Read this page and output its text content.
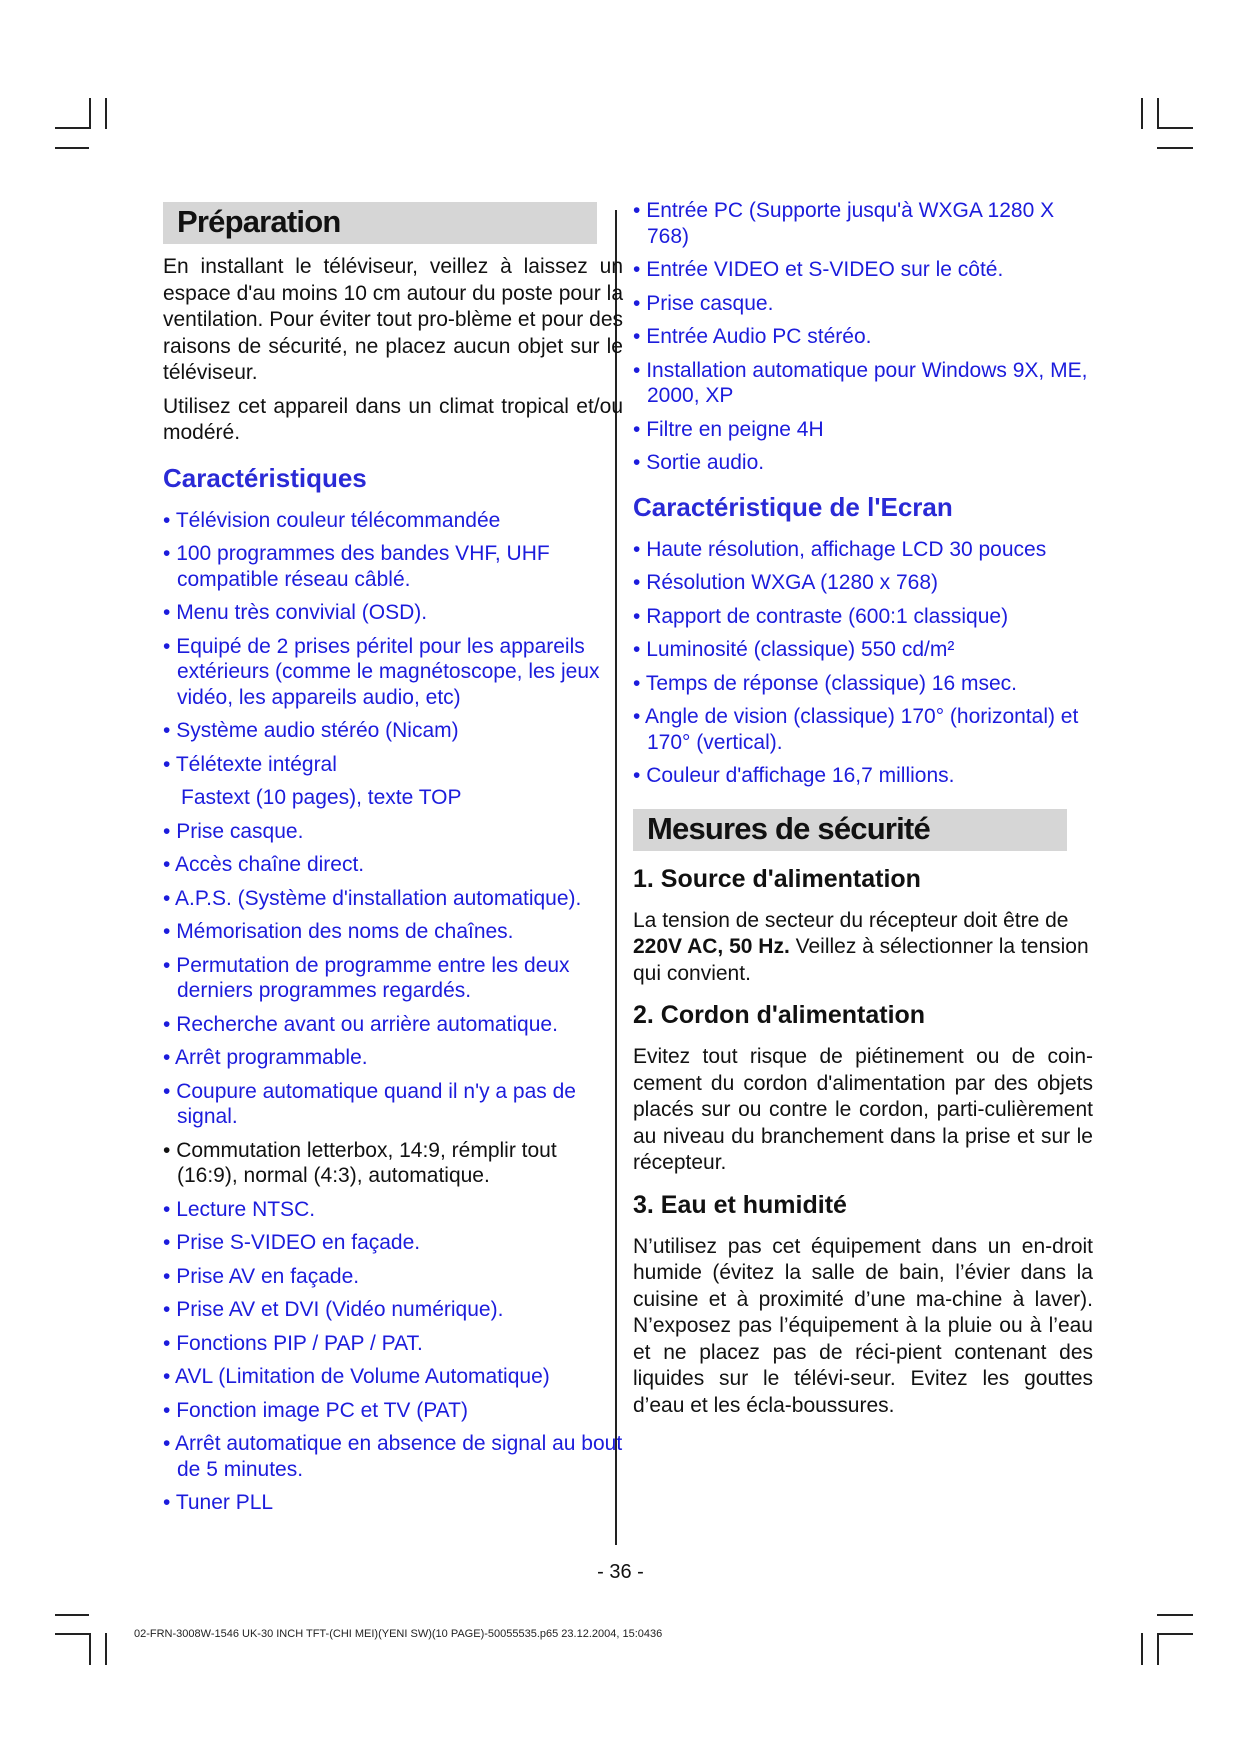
Préparation

En installant le téléviseur, veillez à laissez un espace d'au moins 10 cm autour du poste pour la ventilation. Pour éviter tout pro-blème et pour des raisons de sécurité, ne placez aucun objet sur le téléviseur.

Utilisez cet appareil dans un climat tropical et/ou modéré.

Caractéristiques
• Télévision couleur télécommandée
• 100 programmes des bandes VHF, UHF compatible réseau câblé.
• Menu très convivial (OSD).
• Equipé de 2 prises péritel pour les appareils extérieurs (comme le magnétoscope, les jeux vidéo, les appareils audio, etc)
• Système audio stéréo (Nicam)
• Télétexte intégral
Fastext (10 pages), texte TOP
• Prise casque.
• Accès chaîne direct.
• A.P.S. (Système d'installation automatique).
• Mémorisation des noms de chaînes.
• Permutation de programme entre les deux derniers programmes regardés.
• Recherche avant ou arrière automatique.
• Arrêt programmable.
• Coupure automatique quand il n'y a pas de signal.
• Commutation letterbox, 14:9, rémplir tout (16:9), normal (4:3), automatique.
• Lecture NTSC.
• Prise S-VIDEO en façade.
• Prise AV en façade.
• Prise AV et DVI (Vidéo numérique).
• Fonctions PIP / PAP / PAT.
• AVL (Limitation de Volume Automatique)
• Fonction image PC et TV (PAT)
• Arrêt automatique en absence de signal au bout de 5 minutes.
• Tuner PLL
• Entrée PC (Supporte jusqu'à WXGA 1280 X 768)
• Entrée VIDEO et S-VIDEO sur le côté.
• Prise casque.
• Entrée Audio PC stéréo.
• Installation automatique pour Windows 9X, ME, 2000, XP
• Filtre en peigne 4H
• Sortie audio.
Caractéristique de l'Ecran
• Haute résolution, affichage LCD 30 pouces
• Résolution WXGA (1280 x 768)
• Rapport de contraste (600:1 classique)
• Luminosité (classique) 550 cd/m²
• Temps de réponse (classique) 16 msec.
• Angle de vision (classique) 170° (horizontal) et 170° (vertical).
• Couleur d'affichage 16,7 millions.
Mesures de sécurité
1. Source d'alimentation

La tension de secteur du récepteur doit être de 220V AC, 50 Hz. Veillez à sélectionner la tension qui convient.

2. Cordon d'alimentation

Evitez tout risque de piétinement ou de coin-cement du cordon d'alimentation par des objets placés sur ou contre le cordon, parti-culièrement au niveau du branchement dans la prise et sur le récepteur.

3. Eau et humidité

N’utilisez pas cet équipement dans un en-droit humide (évitez la salle de bain, l’évier dans la cuisine et à proximité d’une ma-chine à laver). N’exposez pas l’équipement à la pluie ou à l’eau et ne placez pas de réci-pient contenant des liquides sur le télévi-seur. Evitez les gouttes d’eau et les écla-boussures.

- 36 -
02-FRN-3008W-1546 UK-30 INCH TFT-(CHI MEI)(YENI SW)(10 PAGE)-50055535.p65 23.12.2004, 15:0436
